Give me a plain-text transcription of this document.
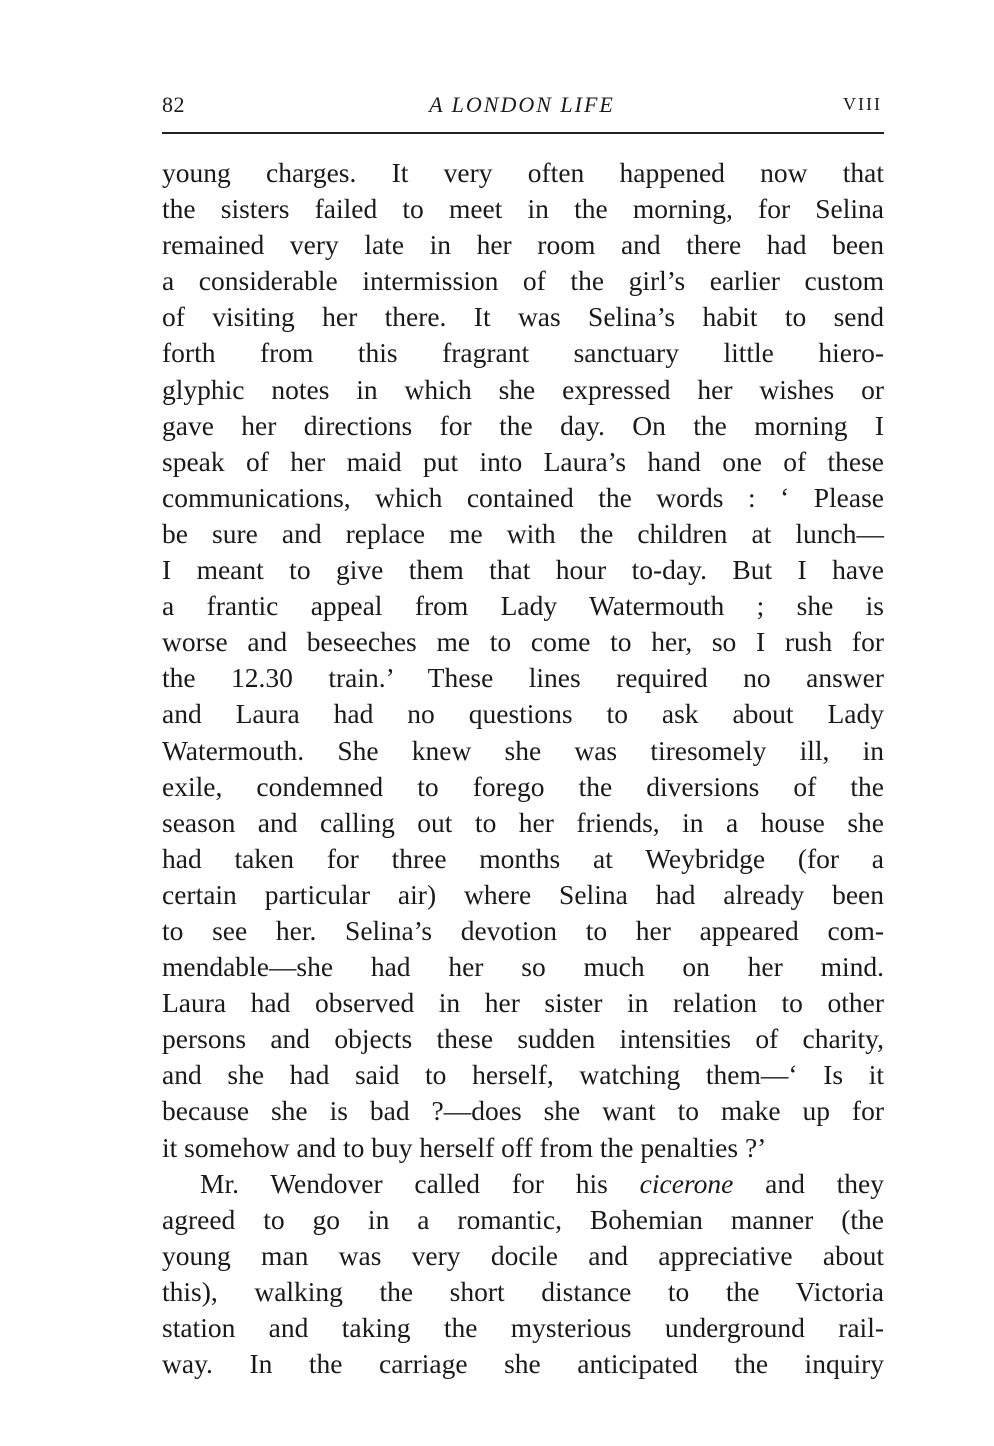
82	A LONDON LIFE	VIII
young charges. It very often happened now that
the sisters failed to meet in the morning, for Selina
remained very late in her room and there had been
a considerable intermission of the girl’s earlier custom
of visiting her there. It was Selina’s habit to send
forth from this fragrant sanctuary little hiero-
glyphic notes in which she expressed her wishes or
gave her directions for the day. On the morning I
speak of her maid put into Laura’s hand one of these
communications, which contained the words : ‘ Please
be sure and replace me with the children at lunch—
I meant to give them that hour to-day. But I have
a frantic appeal from Lady Watermouth ; she is
worse and beseeches me to come to her, so I rush for
the 12.30 train.’ These lines required no answer
and Laura had no questions to ask about Lady
Watermouth. She knew she was tiresomely ill, in
exile, condemned to forego the diversions of the
season and calling out to her friends, in a house she
had taken for three months at Weybridge (for a
certain particular air) where Selina had already been
to see her. Selina’s devotion to her appeared com-
mendable—she had her so much on her mind.
Laura had observed in her sister in relation to other
persons and objects these sudden intensities of charity,
and she had said to herself, watching them—‘ Is it
because she is bad ?—does she want to make up for
it somehow and to buy herself off from the penalties ?’
Mr. Wendover called for his cicerone and they
agreed to go in a romantic, Bohemian manner (the
young man was very docile and appreciative about
this), walking the short distance to the Victoria
station and taking the mysterious underground rail-
way. In the carriage she anticipated the inquiry
